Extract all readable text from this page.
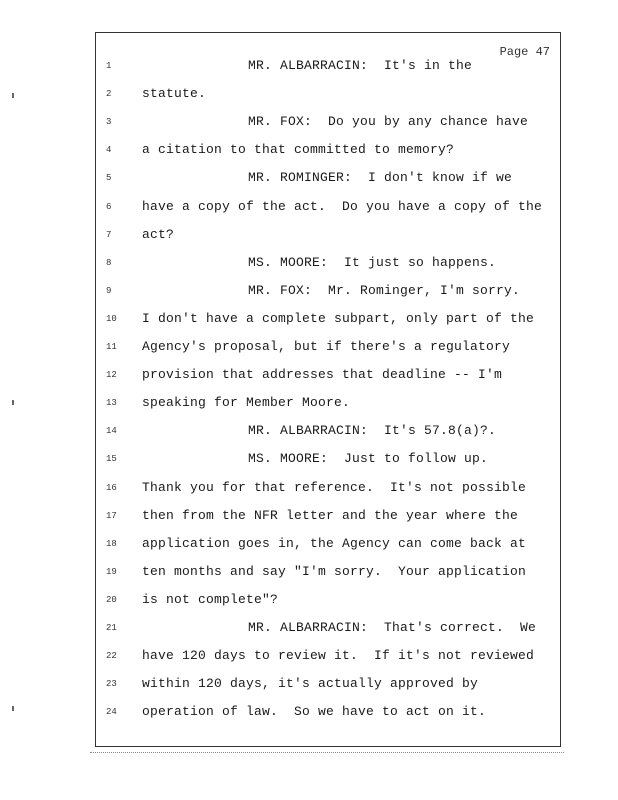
Page 47
1	MR. ALBARRACIN:  It's in the
2	statute.
3	MR. FOX:  Do you by any chance have
4	a citation to that committed to memory?
5	MR. ROMINGER:  I don't know if we
6	have a copy of the act.  Do you have a copy of the
7	act?
8	MS. MOORE:  It just so happens.
9	MR. FOX:  Mr. Rominger, I'm sorry.
10	I don't have a complete subpart, only part of the
11	Agency's proposal, but if there's a regulatory
12	provision that addresses that deadline -- I'm
13	speaking for Member Moore.
14	MR. ALBARRACIN:  It's 57.8(a)?.
15	MS. MOORE:  Just to follow up.
16	Thank you for that reference.  It's not possible
17	then from the NFR letter and the year where the
18	application goes in, the Agency can come back at
19	ten months and say "I'm sorry.  Your application
20	is not complete"?
21	MR. ALBARRACIN:  That's correct.  We
22	have 120 days to review it.  If it's not reviewed
23	within 120 days, it's actually approved by
24	operation of law.  So we have to act on it.
